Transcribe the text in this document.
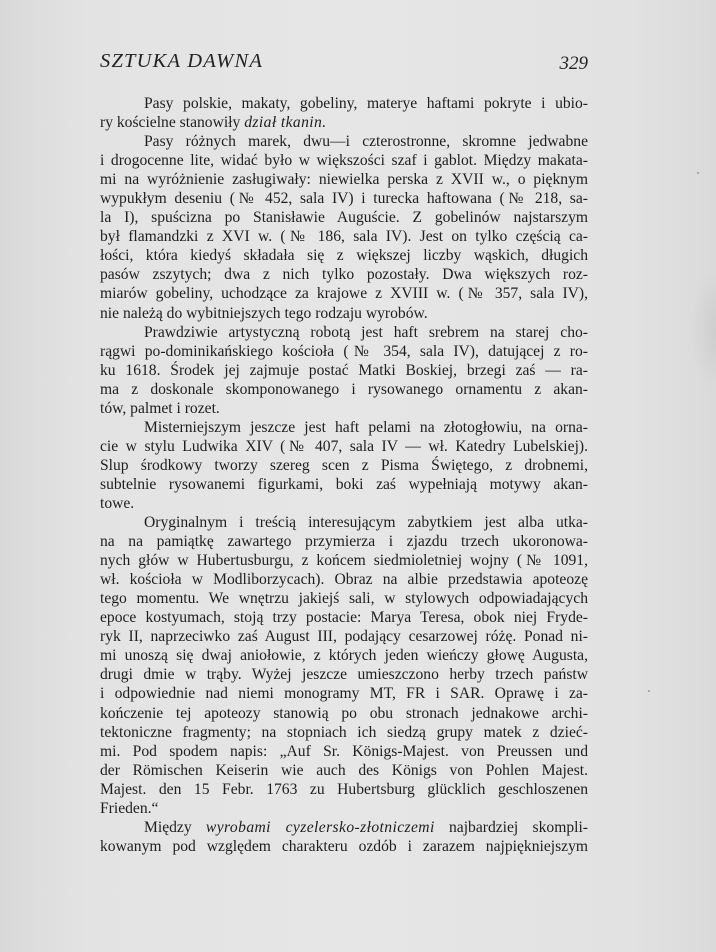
SZTUKA DAWNA	329
Pasy polskie, makaty, gobeliny, materye haftami pokryte i ubio-
ry kościelne stanowiły dział tkanin.
Pasy różnych marek, dwu—i czterostronne, skromne jedwabne
i drogocenne lite, widać było w większości szaf i gablot. Między makata-
mi na wyróżnienie zasługiwały: niewielka perska z XVII w., o pięknym
wypukłym deseniu (№ 452, sala IV) i turecka haftowana (№ 218, sa-
la I), spuścizna po Stanisławie Auguście. Z gobelinów najstarszym
był flamandzki z XVI w. (№ 186, sala IV). Jest on tylko częścią ca-
łości, która kiedyś składała się z większej liczby wąskich, długich
pasów zszytych; dwa z nich tylko pozostały. Dwa większych roz-
miarów gobeliny, uchodzące za krajowe z XVIII w. (№ 357, sala IV),
nie należą do wybitniejszych tego rodzaju wyrobów.
Prawdziwie artystyczną robotą jest haft srebrem na starej cho-
rągwi po-dominikańskiego kościoła (№ 354, sala IV), datującej z ro-
ku 1618. Środek jej zajmuje postać Matki Boskiej, brzegi zaś — ra-
ma z doskonale skomponowanego i rysowanego ornamentu z akan-
tów, palmet i rozet.
Misterniejszym jeszcze jest haft pelami na złotogłowiu, na orna-
cie w stylu Ludwika XIV (№ 407, sala IV — wł. Katedry Lubelskiej).
Slup środkowy tworzy szereg scen z Pisma Świętego, z drobnemi,
subtelnie rysowanemi figurkami, boki zaś wypełniają motywy akan-
towe.
Oryginalnym i treścią interesującym zabytkiem jest alba utka-
na na pamiątkę zawartego przymierza i zjazdu trzech ukoronowa-
nych głów w Hubertusburgu, z końcem siedmioletniej wojny (№ 1091,
wł. kościoła w Modliborzycach). Obraz na albie przedstawia apoteozę
tego momentu. We wnętrzu jakiejś sali, w stylowych odpowiadających
epoce kostyumach, stoją trzy postacie: Marya Teresa, obok niej Fryde-
ryk II, naprzeciwko zaś August III, podający cesarzowej różę. Ponad ni-
mi unoszą się dwaj aniołowie, z których jeden wieńczy głowę Augusta,
drugi dmie w trąby. Wyżej jeszcze umieszczono herby trzech państw
i odpowiednie nad niemi monogramy MT, FR i SAR. Oprawę i za-
kończenie tej apoteozy stanowią po obu stronach jednakowe archi-
tektoniczne fragmenty; na stopniach ich siedzą grupy matek z dzieć-
mi. Pod spodem napis: „Auf Sr. Königs-Majest. von Preussen und
der Römischen Keiserin wie auch des Königs von Pohlen Majest.
Majest. den 15 Febr. 1763 zu Hubertsburg glücklich geschloszenen
Frieden.“
Między wyrobami cyzelersko-złotniczemi najbardziej skompli-
kowanym pod względem charakteru ozdób i zarazem najpiękniejszym
